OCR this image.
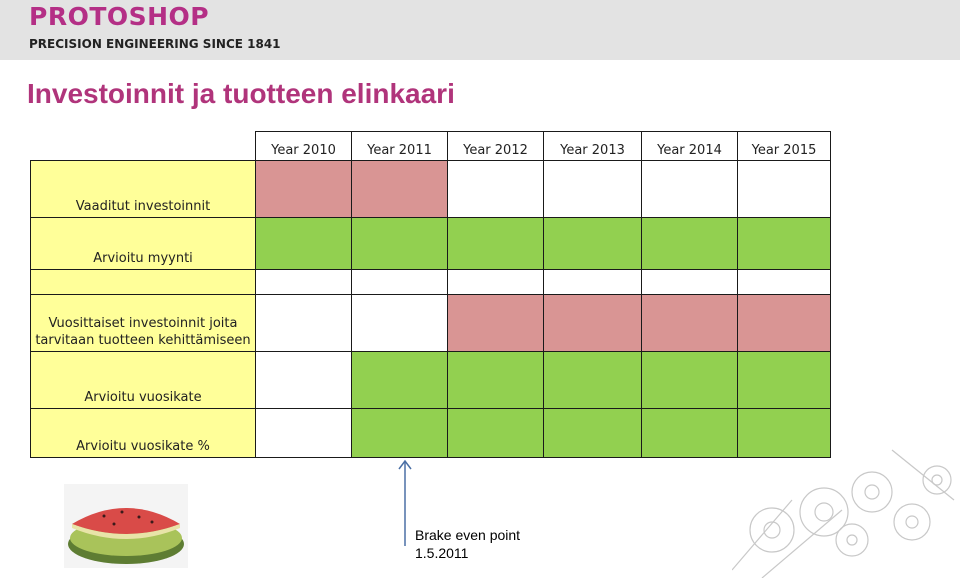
PROTOSHOP
PRECISION ENGINEERING SINCE 1841
Investoinnit ja tuotteen elinkaari
	Year 2010	Year 2011	Year 2012	Year 2013	Year 2014	Year 2015
Vaaditut investoinnit						
Arvioitu myynti						

Vuosittaiset investoinnit joita
tarvitaan tuotteen kehittämiseen						
Arvioitu vuosikate						
Arvioitu vuosikate %						
Brake even point
1.5.2011
